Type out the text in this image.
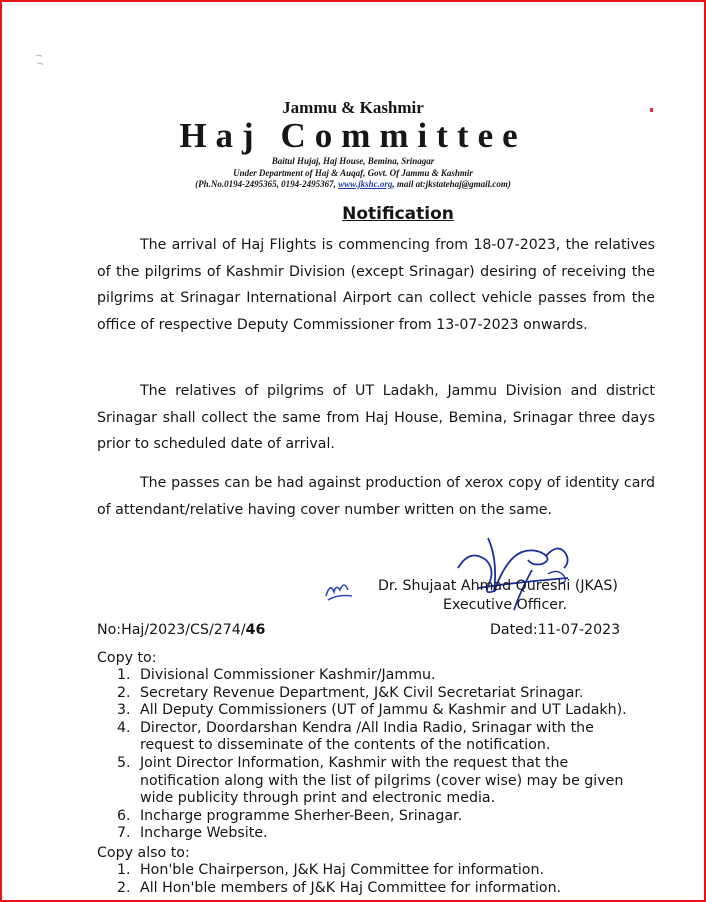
Jammu & Kashmir
Haj Committee
Baitul Hujaj, Haj House, Bemina, Srinagar
Under Department of Haj & Auqaf, Govt. Of Jammu & Kashmir
(Ph.No.0194-2495365, 0194-2495367, www.jkshc.org, mail at:jkstatehaj@gmail.com)
Notification
The arrival of Haj Flights is commencing from 18-07-2023, the relatives of the pilgrims of Kashmir Division (except Srinagar) desiring of receiving the pilgrims at Srinagar International Airport can collect vehicle passes from the office of respective Deputy Commissioner from 13-07-2023 onwards.
The relatives of pilgrims of UT Ladakh, Jammu Division and district Srinagar shall collect the same from Haj House, Bemina, Srinagar three days prior to scheduled date of arrival.
The passes can be had against production of xerox copy of identity card of attendant/relative having cover number written on the same.
Dr. Shujaat Ahmad Qureshi (JKAS)
Executive Officer.
No:Haj/2023/CS/274/46	Dated:11-07-2023
Copy to:
1. Divisional Commissioner Kashmir/Jammu.
2. Secretary Revenue Department, J&K Civil Secretariat Srinagar.
3. All Deputy Commissioners (UT of Jammu & Kashmir and UT Ladakh).
4. Director, Doordarshan Kendra /All India Radio, Srinagar with the request to disseminate of the contents of the notification.
5. Joint Director Information, Kashmir with the request that the notification along with the list of pilgrims (cover wise) may be given wide publicity through print and electronic media.
6. Incharge programme Sherher-Been, Srinagar.
7. Incharge Website.
Copy also to:
1. Hon'ble Chairperson, J&K Haj Committee for information.
2. All Hon'ble members of J&K Haj Committee for information.
